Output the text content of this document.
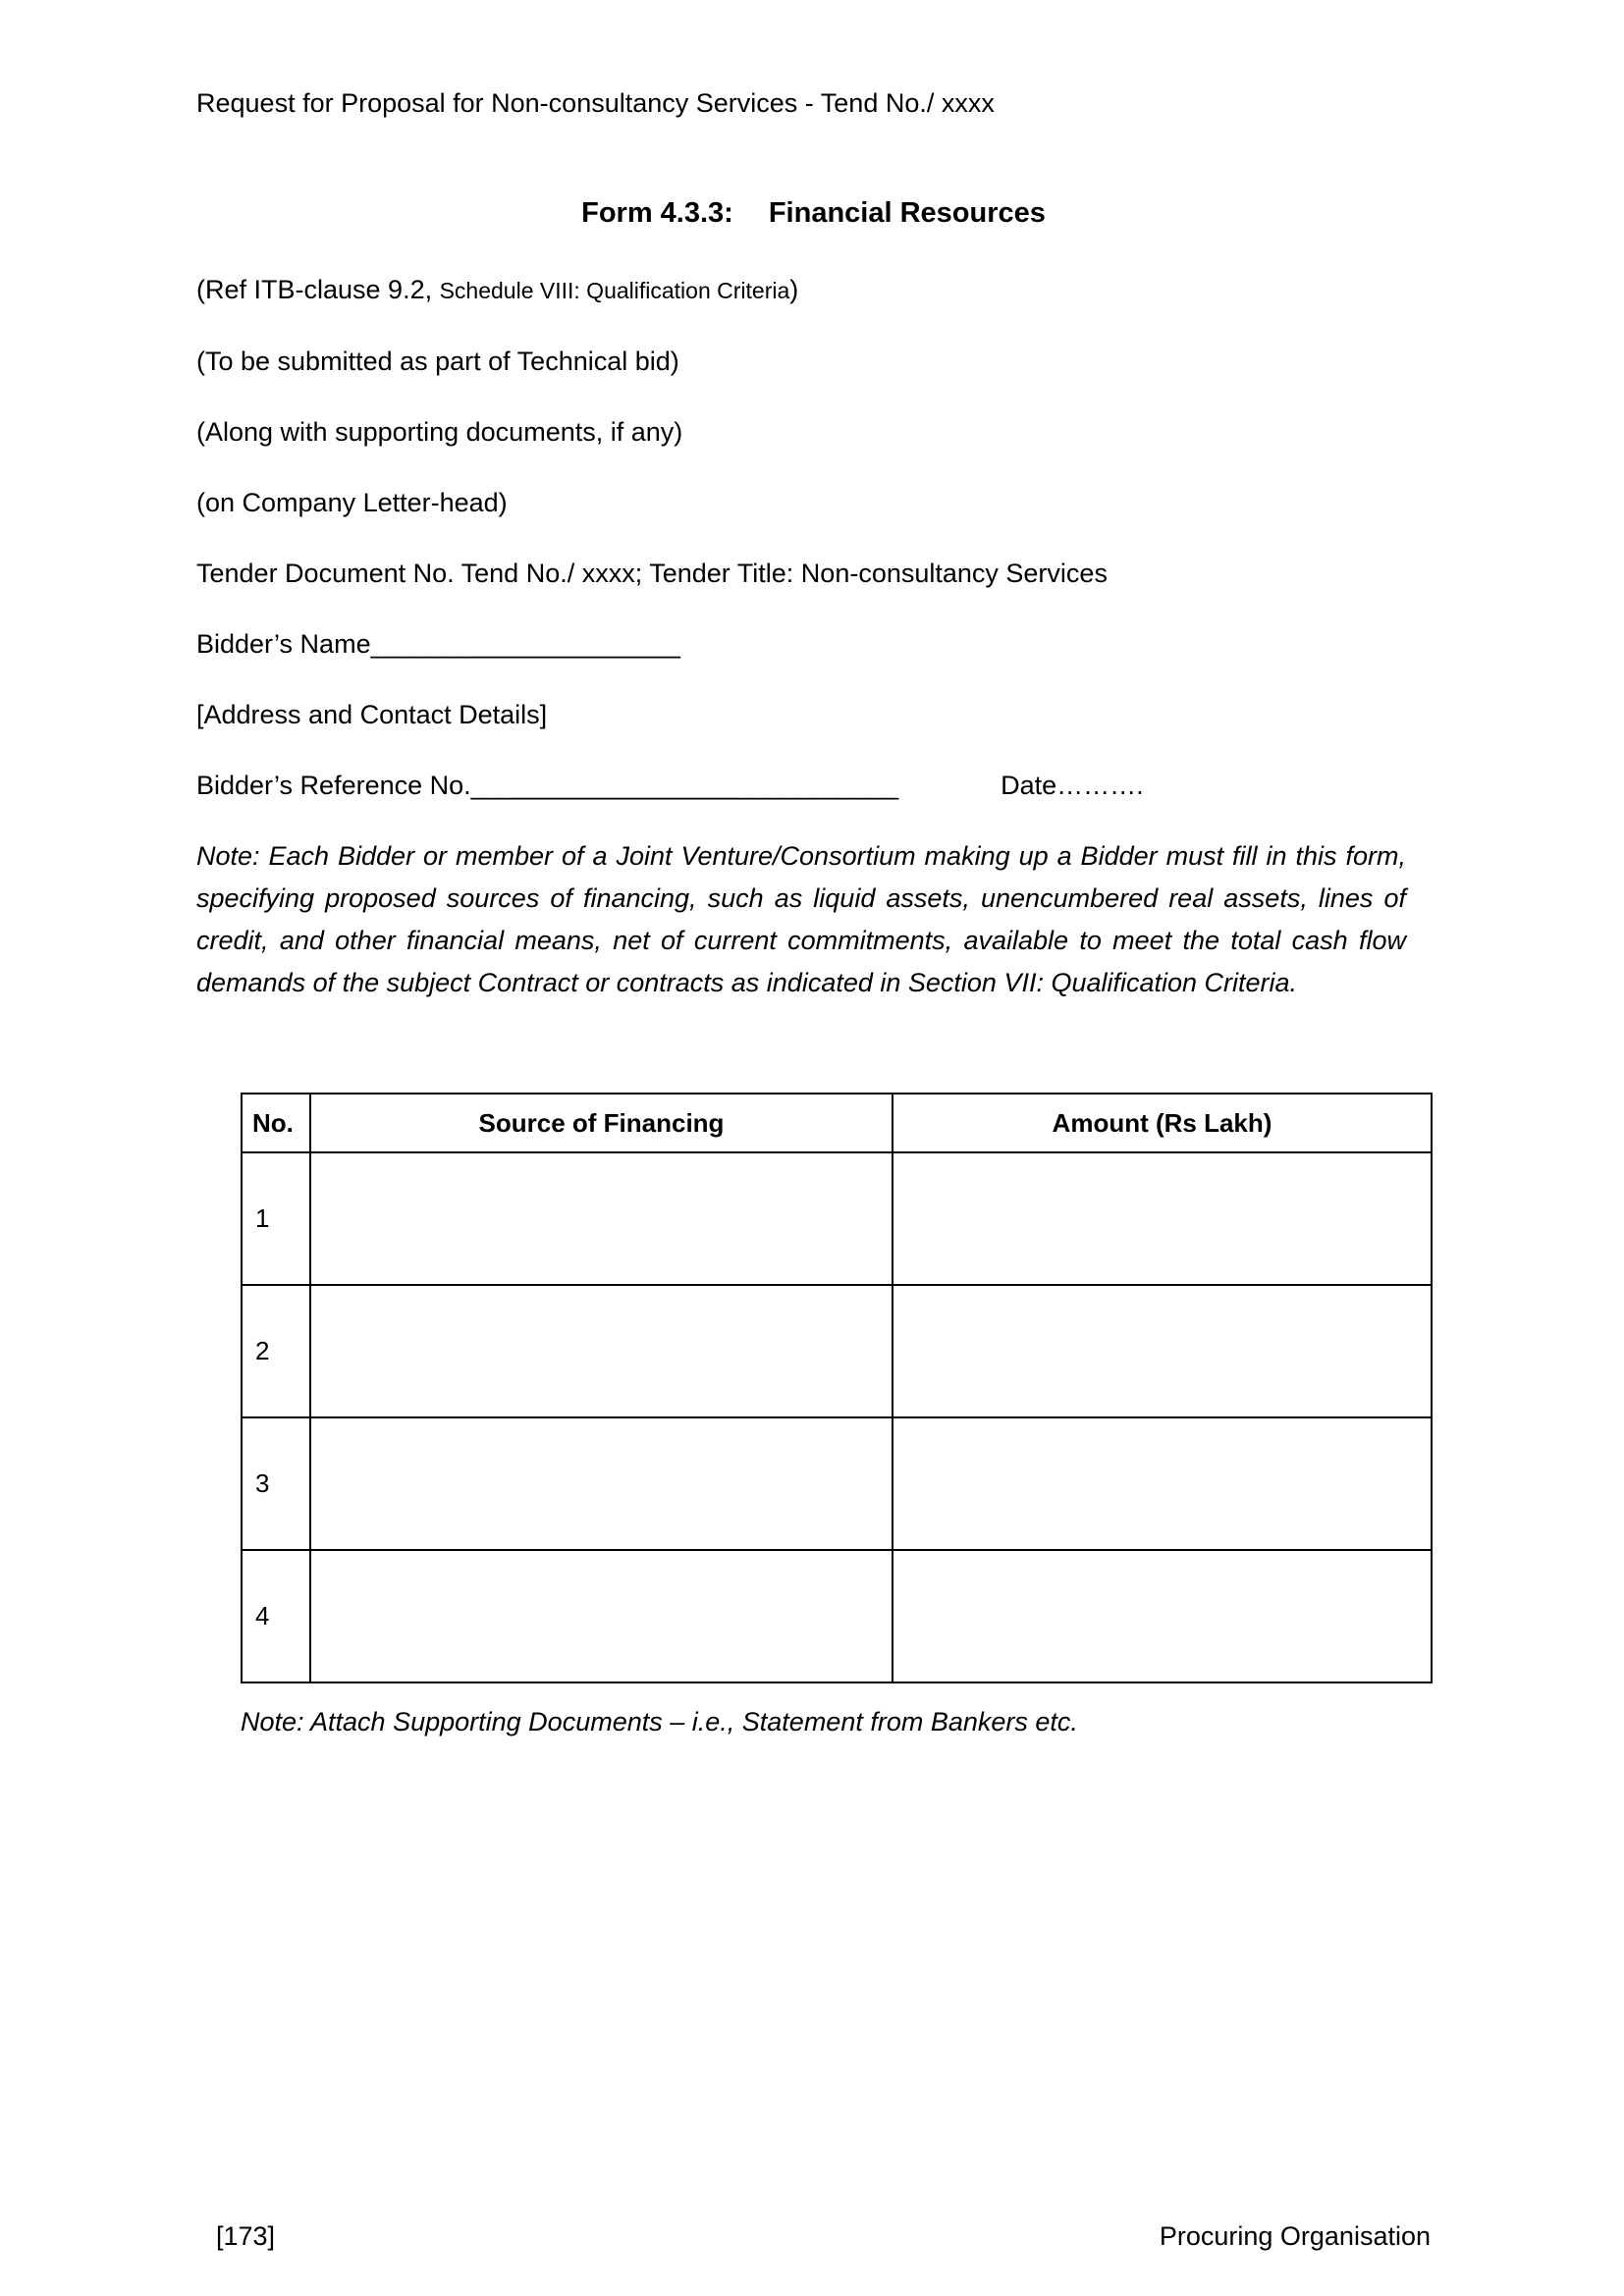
Request for Proposal for Non-consultancy Services - Tend No./ xxxx
Form 4.3.3: Financial Resources

(Ref ITB-clause 9.2, Schedule VIII: Qualification Criteria)

(To be submitted as part of Technical bid)

(Along with supporting documents, if any)

(on Company Letter-head)

Tender Document No. Tend No./ xxxx; Tender Title: Non-consultancy Services

Bidder’s Name_____________________

[Address and Contact Details]

Bidder’s Reference No._____________________________	Date……….

Note: Each Bidder or member of a Joint Venture/Consortium making up a Bidder must fill in this form, specifying proposed sources of financing, such as liquid assets, unencumbered real assets, lines of credit, and other financial means, net of current commitments, available to meet the total cash flow demands of the subject Contract or contracts as indicated in Section VII: Qualification Criteria.

No.	Source of Financing	Amount (Rs Lakh)
1		
2		
3		
4		

Note: Attach Supporting Documents – i.e., Statement from Bankers etc.

[173]	Procuring Organisation
